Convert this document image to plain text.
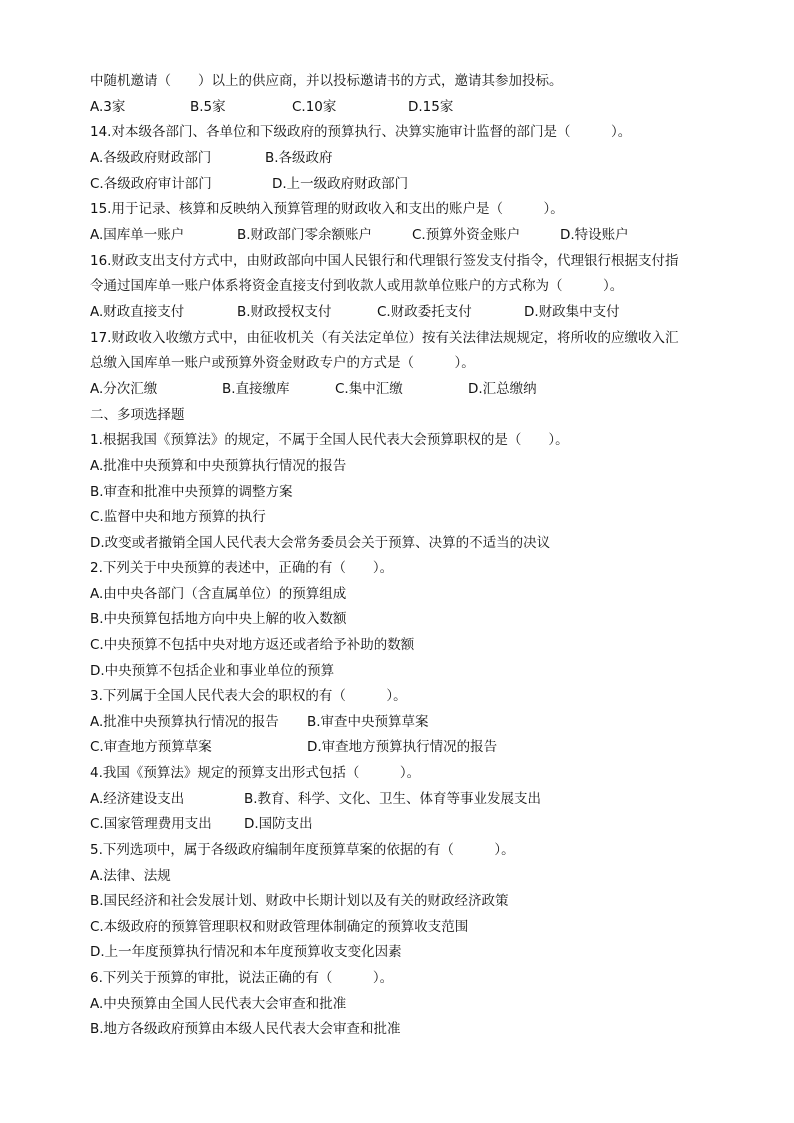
中随机邀请（　　）以上的供应商，并以投标邀请书的方式，邀请其参加投标。
A.3家	B.5家	C.10家	D.15家
14.对本级各部门、各单位和下级政府的预算执行、决算实施审计监督的部门是（　　　）。
A.各级政府财政部门	B.各级政府
C.各级政府审计部门	D.上一级政府财政部门
15.用于记录、核算和反映纳入预算管理的财政收入和支出的账户是（　　　）。
A.国库单一账户	B.财政部门零余额账户	C.预算外资金账户	D.特设账户
16.财政支出支付方式中，由财政部向中国人民银行和代理银行签发支付指令，代理银行根据支付指
令通过国库单一账户体系将资金直接支付到收款人或用款单位账户的方式称为（　　　）。
A.财政直接支付	B.财政授权支付	C.财政委托支付	D.财政集中支付
17.财政收入收缴方式中，由征收机关（有关法定单位）按有关法律法规规定，将所收的应缴收入汇
总缴入国库单一账户或预算外资金财政专户的方式是（　　　）。
A.分次汇缴	B.直接缴库	C.集中汇缴	D.汇总缴纳
二、多项选择题
1.根据我国《预算法》的规定，不属于全国人民代表大会预算职权的是（　　）。
A.批准中央预算和中央预算执行情况的报告
B.审查和批准中央预算的调整方案
C.监督中央和地方预算的执行
D.改变或者撤销全国人民代表大会常务委员会关于预算、决算的不适当的决议
2.下列关于中央预算的表述中，正确的有（　　）。
A.由中央各部门（含直属单位）的预算组成
B.中央预算包括地方向中央上解的收入数额
C.中央预算不包括中央对地方返还或者给予补助的数额
D.中央预算不包括企业和事业单位的预算
3.下列属于全国人民代表大会的职权的有（　　　）。
A.批准中央预算执行情况的报告 B.审查中央预算草案
C.审查地方预算草案	D.审查地方预算执行情况的报告
4.我国《预算法》规定的预算支出形式包括（　　　）。
A.经济建设支出	B.教育、科学、文化、卫生、体育等事业发展支出
C.国家管理费用支出 D.国防支出
5.下列选项中，属于各级政府编制年度预算草案的依据的有（　　　）。
A.法律、法规
B.国民经济和社会发展计划、财政中长期计划以及有关的财政经济政策
C.本级政府的预算管理职权和财政管理体制确定的预算收支范围
D.上一年度预算执行情况和本年度预算收支变化因素
6.下列关于预算的审批，说法正确的有（　　　）。
A.中央预算由全国人民代表大会审查和批准
B.地方各级政府预算由本级人民代表大会审查和批准
